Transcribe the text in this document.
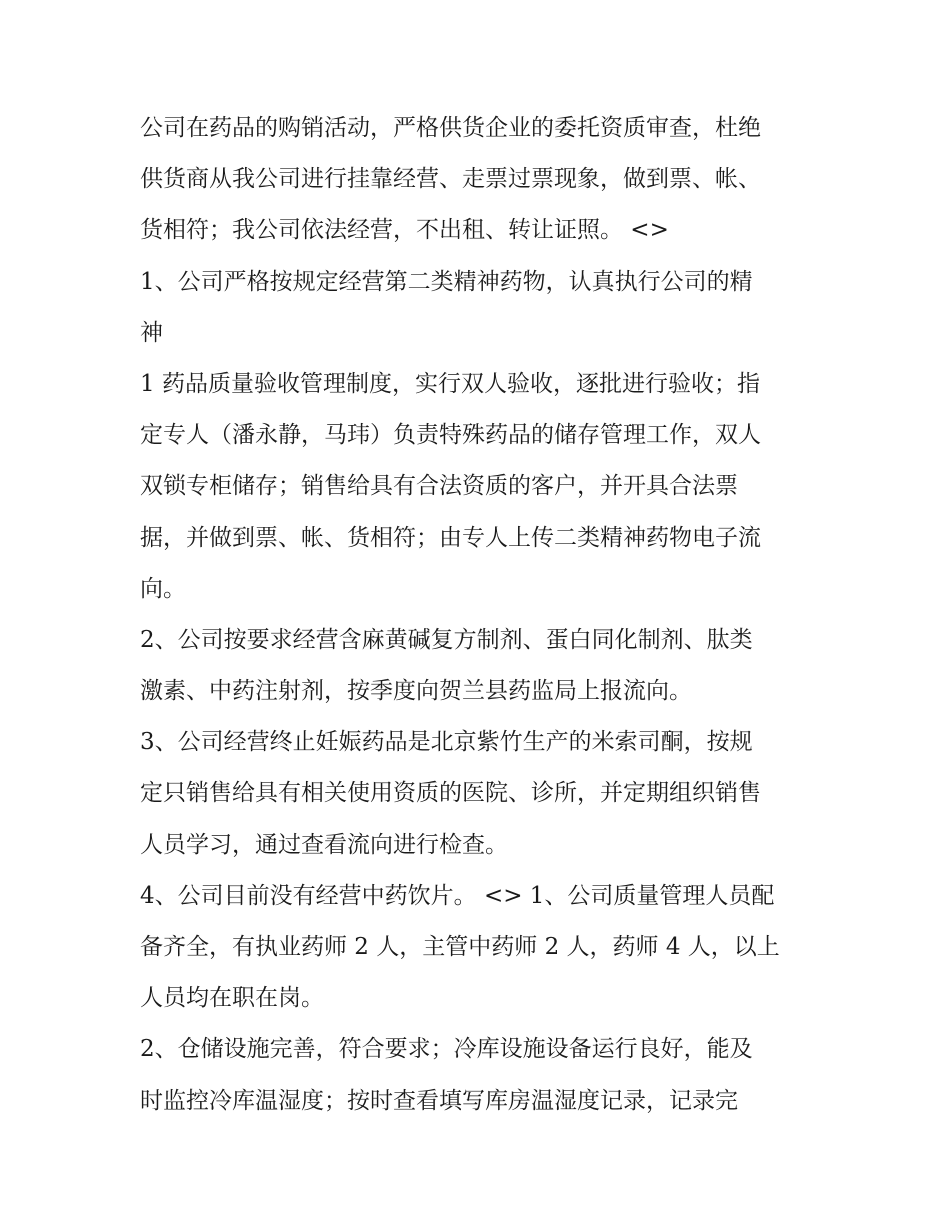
公司在药品的购销活动，严格供货企业的委托资质审查，杜绝
供货商从我公司进行挂靠经营、走票过票现象，做到票、帐、
货相符；我公司依法经营，不出租、转让证照。 <>
1、公司严格按规定经营第二类精神药物，认真执行公司的精
神
1 药品质量验收管理制度，实行双人验收，逐批进行验收；指
定专人（潘永静，马玮）负责特殊药品的储存管理工作，双人
双锁专柜储存；销售给具有合法资质的客户，并开具合法票
据，并做到票、帐、货相符；由专人上传二类精神药物电子流
向。
2、公司按要求经营含麻黄碱复方制剂、蛋白同化制剂、肽类
激素、中药注射剂，按季度向贺兰县药监局上报流向。
3、公司经营终止妊娠药品是北京紫竹生产的米索司酮，按规
定只销售给具有相关使用资质的医院、诊所，并定期组织销售
人员学习，通过查看流向进行检查。
4、公司目前没有经营中药饮片。 <> 1、公司质量管理人员配
备齐全，有执业药师 2 人，主管中药师 2 人，药师 4 人，以上
人员均在职在岗。
2、仓储设施完善，符合要求；冷库设施设备运行良好，能及
时监控冷库温湿度；按时查看填写库房温湿度记录，记录完
